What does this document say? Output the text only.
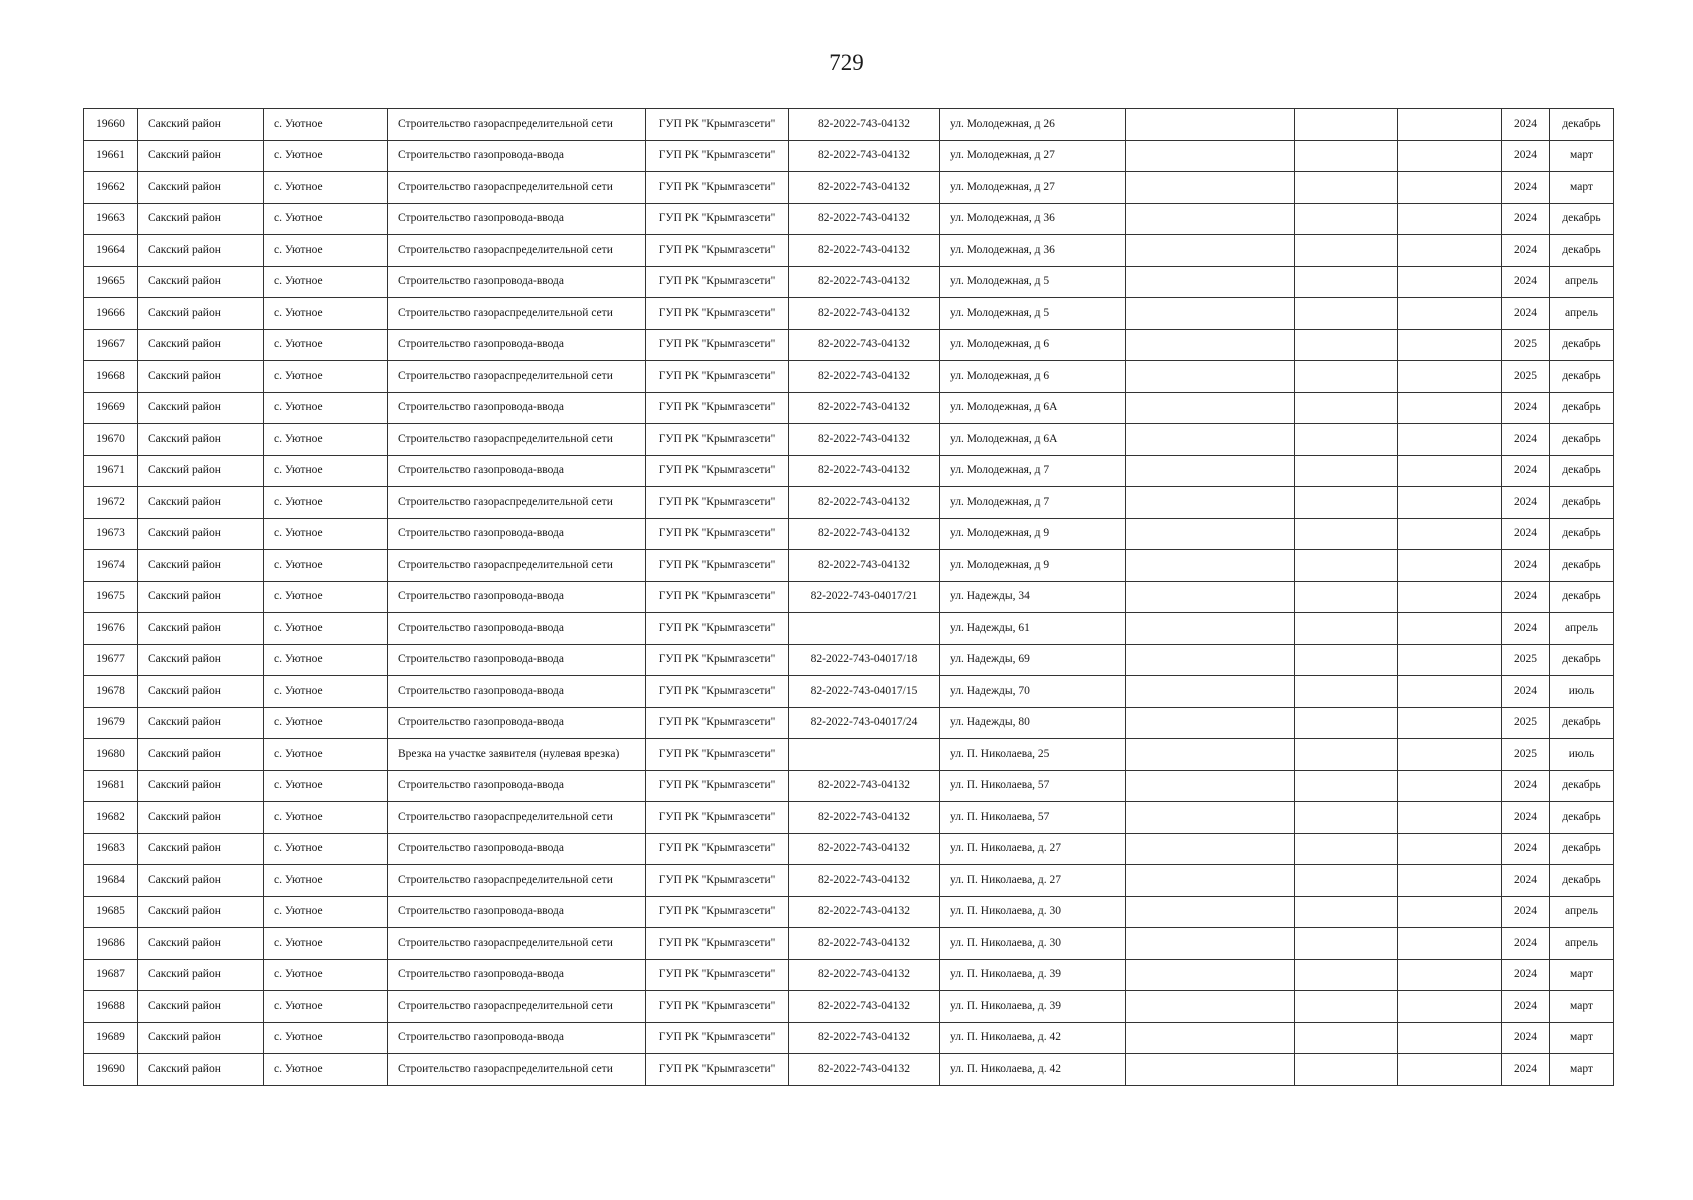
729
19660	Сакский район	с. Уютное	Строительство газораспределительной сети	ГУП РК "Крымгазсети"	82-2022-743-04132	ул. Молодежная, д 26				2024	декабрь
19661	Сакский район	с. Уютное	Строительство газопровода-ввода	ГУП РК "Крымгазсети"	82-2022-743-04132	ул. Молодежная, д 27				2024	март
19662	Сакский район	с. Уютное	Строительство газораспределительной сети	ГУП РК "Крымгазсети"	82-2022-743-04132	ул. Молодежная, д 27				2024	март
19663	Сакский район	с. Уютное	Строительство газопровода-ввода	ГУП РК "Крымгазсети"	82-2022-743-04132	ул. Молодежная, д 36				2024	декабрь
19664	Сакский район	с. Уютное	Строительство газораспределительной сети	ГУП РК "Крымгазсети"	82-2022-743-04132	ул. Молодежная, д 36				2024	декабрь
19665	Сакский район	с. Уютное	Строительство газопровода-ввода	ГУП РК "Крымгазсети"	82-2022-743-04132	ул. Молодежная, д 5				2024	апрель
19666	Сакский район	с. Уютное	Строительство газораспределительной сети	ГУП РК "Крымгазсети"	82-2022-743-04132	ул. Молодежная, д 5				2024	апрель
19667	Сакский район	с. Уютное	Строительство газопровода-ввода	ГУП РК "Крымгазсети"	82-2022-743-04132	ул. Молодежная, д 6				2025	декабрь
19668	Сакский район	с. Уютное	Строительство газораспределительной сети	ГУП РК "Крымгазсети"	82-2022-743-04132	ул. Молодежная, д 6				2025	декабрь
19669	Сакский район	с. Уютное	Строительство газопровода-ввода	ГУП РК "Крымгазсети"	82-2022-743-04132	ул. Молодежная, д 6А				2024	декабрь
19670	Сакский район	с. Уютное	Строительство газораспределительной сети	ГУП РК "Крымгазсети"	82-2022-743-04132	ул. Молодежная, д 6А				2024	декабрь
19671	Сакский район	с. Уютное	Строительство газопровода-ввода	ГУП РК "Крымгазсети"	82-2022-743-04132	ул. Молодежная, д 7				2024	декабрь
19672	Сакский район	с. Уютное	Строительство газораспределительной сети	ГУП РК "Крымгазсети"	82-2022-743-04132	ул. Молодежная, д 7				2024	декабрь
19673	Сакский район	с. Уютное	Строительство газопровода-ввода	ГУП РК "Крымгазсети"	82-2022-743-04132	ул. Молодежная, д 9				2024	декабрь
19674	Сакский район	с. Уютное	Строительство газораспределительной сети	ГУП РК "Крымгазсети"	82-2022-743-04132	ул. Молодежная, д 9				2024	декабрь
19675	Сакский район	с. Уютное	Строительство газопровода-ввода	ГУП РК "Крымгазсети"	82-2022-743-04017/21	ул. Надежды, 34				2024	декабрь
19676	Сакский район	с. Уютное	Строительство газопровода-ввода	ГУП РК "Крымгазсети"		ул. Надежды, 61				2024	апрель
19677	Сакский район	с. Уютное	Строительство газопровода-ввода	ГУП РК "Крымгазсети"	82-2022-743-04017/18	ул. Надежды, 69				2025	декабрь
19678	Сакский район	с. Уютное	Строительство газопровода-ввода	ГУП РК "Крымгазсети"	82-2022-743-04017/15	ул. Надежды, 70				2024	июль
19679	Сакский район	с. Уютное	Строительство газопровода-ввода	ГУП РК "Крымгазсети"	82-2022-743-04017/24	ул. Надежды, 80				2025	декабрь
19680	Сакский район	с. Уютное	Врезка на участке заявителя (нулевая врезка)	ГУП РК "Крымгазсети"		ул. П. Николаева, 25				2025	июль
19681	Сакский район	с. Уютное	Строительство газопровода-ввода	ГУП РК "Крымгазсети"	82-2022-743-04132	ул. П. Николаева, 57				2024	декабрь
19682	Сакский район	с. Уютное	Строительство газораспределительной сети	ГУП РК "Крымгазсети"	82-2022-743-04132	ул. П. Николаева, 57				2024	декабрь
19683	Сакский район	с. Уютное	Строительство газопровода-ввода	ГУП РК "Крымгазсети"	82-2022-743-04132	ул. П. Николаева, д. 27				2024	декабрь
19684	Сакский район	с. Уютное	Строительство газораспределительной сети	ГУП РК "Крымгазсети"	82-2022-743-04132	ул. П. Николаева, д. 27				2024	декабрь
19685	Сакский район	с. Уютное	Строительство газопровода-ввода	ГУП РК "Крымгазсети"	82-2022-743-04132	ул. П. Николаева, д. 30				2024	апрель
19686	Сакский район	с. Уютное	Строительство газораспределительной сети	ГУП РК "Крымгазсети"	82-2022-743-04132	ул. П. Николаева, д. 30				2024	апрель
19687	Сакский район	с. Уютное	Строительство газопровода-ввода	ГУП РК "Крымгазсети"	82-2022-743-04132	ул. П. Николаева, д. 39				2024	март
19688	Сакский район	с. Уютное	Строительство газораспределительной сети	ГУП РК "Крымгазсети"	82-2022-743-04132	ул. П. Николаева, д. 39				2024	март
19689	Сакский район	с. Уютное	Строительство газопровода-ввода	ГУП РК "Крымгазсети"	82-2022-743-04132	ул. П. Николаева, д. 42				2024	март
19690	Сакский район	с. Уютное	Строительство газораспределительной сети	ГУП РК "Крымгазсети"	82-2022-743-04132	ул. П. Николаева, д. 42				2024	март
